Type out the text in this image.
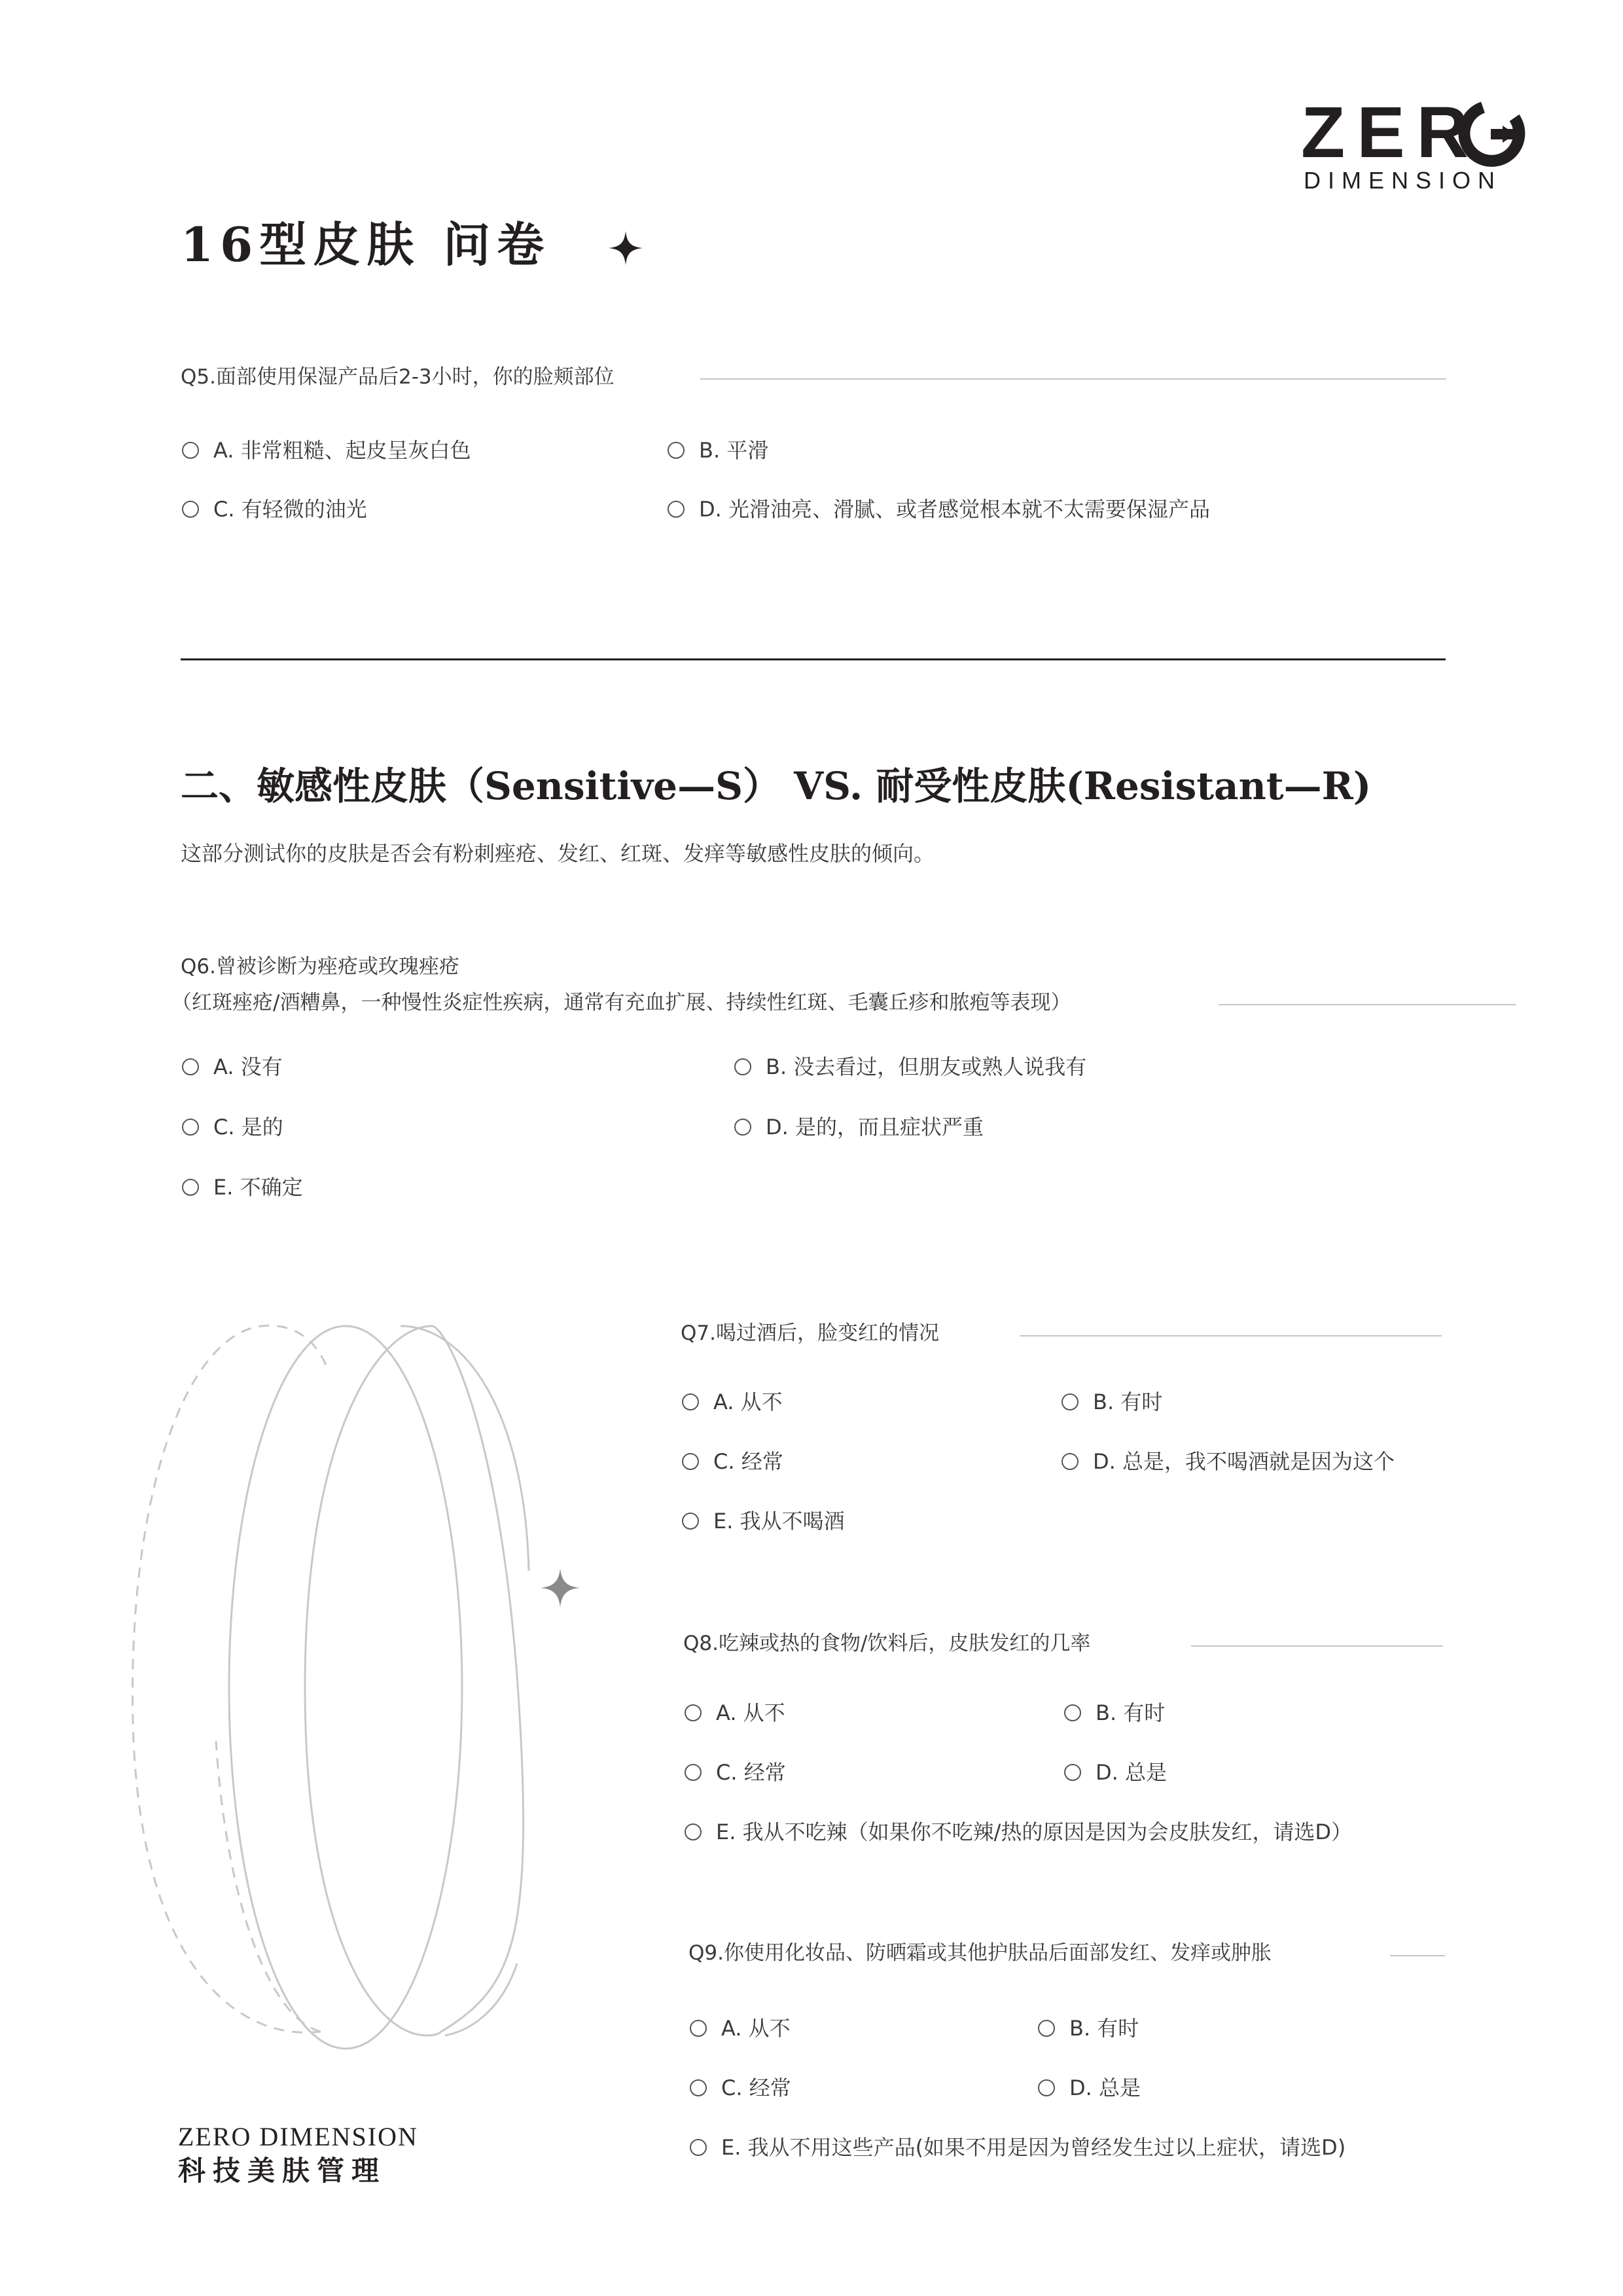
ZER
DIMENSION
16型皮肤 问卷
Q5.面部使用保湿产品后2-3小时，你的脸颊部位
A. 非常粗糙、起皮呈灰白色	B. 平滑
C. 有轻微的油光	D. 光滑油亮、滑腻、或者感觉根本就不太需要保湿产品
二、敏感性皮肤（Sensitive—S） VS. 耐受性皮肤(Resistant—R)
这部分测试你的皮肤是否会有粉刺痤疮、发红、红斑、发痒等敏感性皮肤的倾向。
Q6.曾被诊断为痤疮或玫瑰痤疮
（红斑痤疮/酒糟鼻，一种慢性炎症性疾病，通常有充血扩展、持续性红斑、毛囊丘疹和脓疱等表现）
A. 没有	B. 没去看过，但朋友或熟人说我有
C. 是的	D. 是的，而且症状严重
E. 不确定
Q7.喝过酒后，脸变红的情况
A. 从不	B. 有时
C. 经常	D. 总是，我不喝酒就是因为这个
E. 我从不喝酒
Q8.吃辣或热的食物/饮料后，皮肤发红的几率
A. 从不	B. 有时
C. 经常	D. 总是
E. 我从不吃辣（如果你不吃辣/热的原因是因为会皮肤发红，请选D）
Q9.你使用化妆品、防晒霜或其他护肤品后面部发红、发痒或肿胀
A. 从不	B. 有时
C. 经常	D. 总是
E. 我从不用这些产品(如果不用是因为曾经发生过以上症状，请选D)
ZERO DIMENSION
科技美肤管理
